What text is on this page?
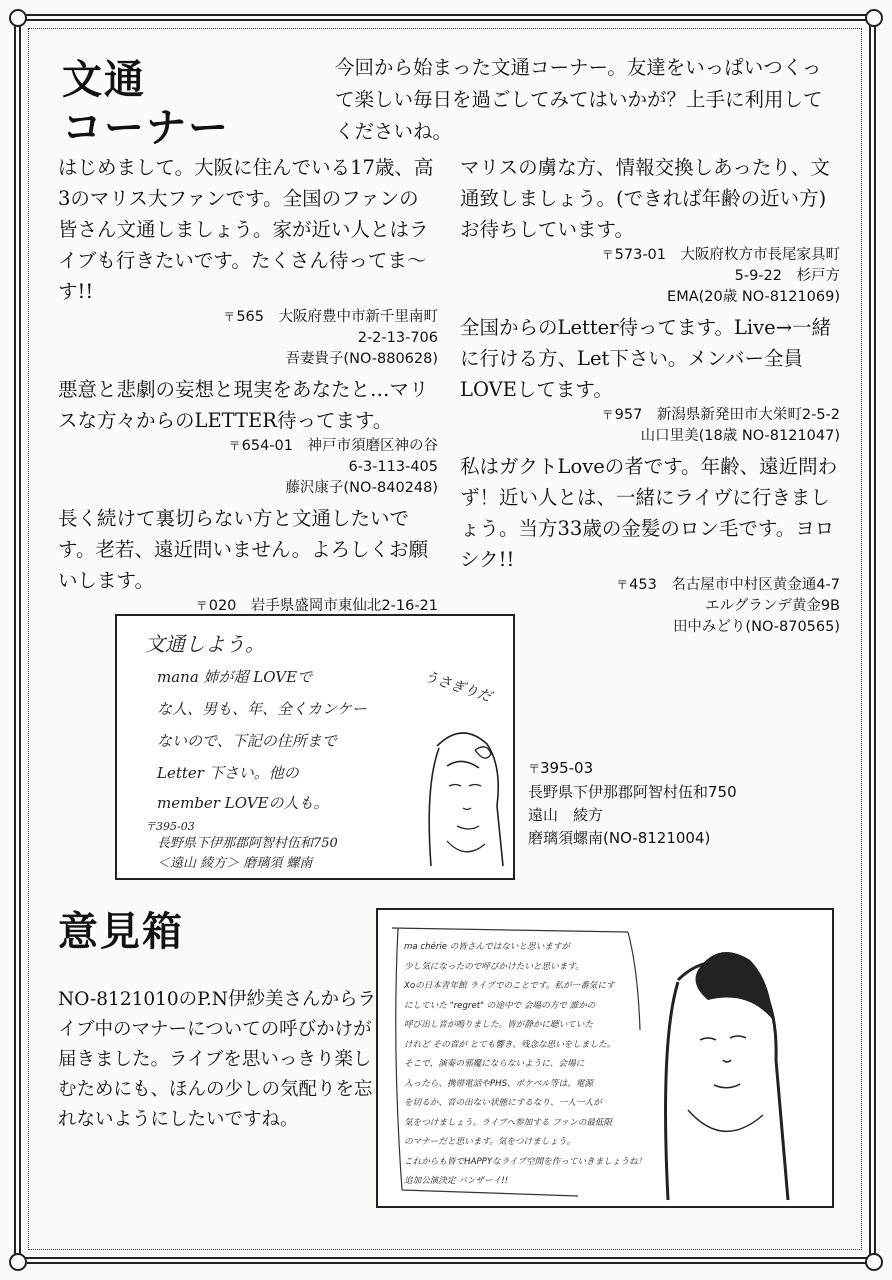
文通
コーナー

今回から始まった文通コーナー。友達をいっぱいつくって楽しい毎日を過ごしてみてはいかが？上手に利用してくださいね。

はじめまして。大阪に住んでいる17歳、高3のマリス大ファンです。全国のファンの皆さん文通しましょう。家が近い人とはライブも行きたいです。たくさん待ってま～す!!

〒 565　 大阪府豊中市新千里南町
2-2-13-706
吾妻貴子(NO-880628)

悪意と悲劇の妄想と現実をあなたと…マリスな方々からのLETTER待ってます。

〒 654-01　 神戸市須磨区神の谷
6-3-113-405
藤沢康子(NO-840248)

長く続けて裏切らない方と文通したいです。老若、遠近問いません。よろしくお願いします。

〒 020　 岩手県盛岡市東仙北2-16-21

マリスの虜な方、情報交換しあったり、文通致しましょう。(できれば年齢の近い方)お待ちしています。

〒 573-01　 大阪府枚方市長尾家具町
5-9-22　杉戸方
EMA(20歳 NO-8121069)

全国からのLetter待ってます。Live→一緒に行ける方、Let下さい。メンバー全員LOVEしてます。

〒 957　 新潟県新発田市大栄町2-5-2
山口里美(18歳 NO-8121047)

私はガクトLoveの者です。年齢、遠近問わず！近い人とは、一緒にライヴに行きましょう。当方33歳の金髪のロン毛です。ヨロシク!!

〒 453　 名古屋市中村区黄金通4-7
エルグランデ黄金9B
田中みどり(NO-870565)

文通しよう。
mana 姉が超 LOVEで
な人、男も、年、全くカンケー
ないので、下記の住所まで
Letter 下さい。他の
member LOVEの人も。
〒395-03
長野県下伊那郡阿智村伍和750
＜遠山 綾方＞ 磨璃須 螺南
うさぎりだ
〒395-03
長野県下伊那郡阿智村伍和750
遠山　綾方
磨璃須螺南(NO-8121004)
意見箱

NO-8121010のP.N伊紗美さんからライブ中のマナーについての呼びかけが届きました。ライブを思いっきり楽しむためにも、ほんの少しの気配りを忘れないようにしたいですね。

ma chérie の皆さんではないと思いますが
少し気になったので呼びかけたいと思います。
Xoの日本青年館 ライブでのことです。私が一番気にす
にしていた "regret" の途中で 会場の方で 誰かの
呼び出し音が鳴りました。皆が静かに聴いていた
けれど その音が とても響き、残念な思いをしました。
そこで、演奏の邪魔にならないように、会場に
入ったら、携帯電話やPHS、ポケベル等は、電源
を切るか、音の出ない状態にするなり、一人一人が
気をつけましょう。ライブへ参加する ファンの最低限
のマナーだと思います。気をつけましょう。
これからも皆でHAPPYなライブ空間を作っていきましょうね！
追加公演決定 バンザーイ!!
